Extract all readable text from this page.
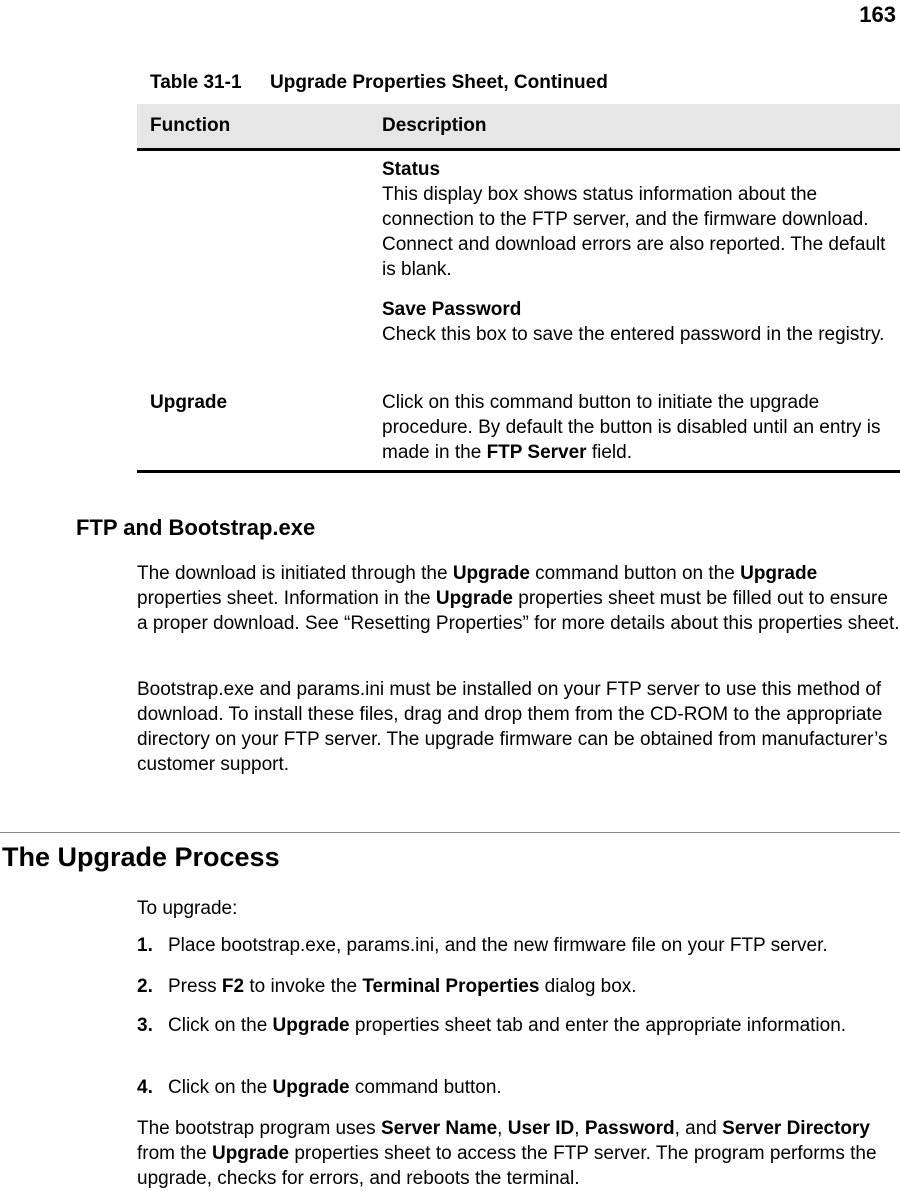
163
Table 31-1 Upgrade Properties Sheet, Continued
Function	Description
Status
This display box shows status information about the connection to the FTP server, and the firmware download. Connect and download errors are also reported. The default is blank.
Save Password
Check this box to save the entered password in the registry.
Upgrade	Click on this command button to initiate the upgrade procedure. By default the button is disabled until an entry is made in the FTP Server field.
FTP and Bootstrap.exe
The download is initiated through the Upgrade command button on the Upgrade properties sheet. Information in the Upgrade properties sheet must be filled out to ensure a proper download. See “Resetting Properties” for more details about this properties sheet.
Bootstrap.exe and params.ini must be installed on your FTP server to use this method of download. To install these files, drag and drop them from the CD-ROM to the appropriate directory on your FTP server. The upgrade firmware can be obtained from manufacturer’s customer support.
The Upgrade Process
To upgrade:
1. Place bootstrap.exe, params.ini, and the new firmware file on your FTP server.
2. Press F2 to invoke the Terminal Properties dialog box.
3. Click on the Upgrade properties sheet tab and enter the appropriate information.
4. Click on the Upgrade command button.
The bootstrap program uses Server Name, User ID, Password, and Server Directory from the Upgrade properties sheet to access the FTP server. The program performs the upgrade, checks for errors, and reboots the terminal.
